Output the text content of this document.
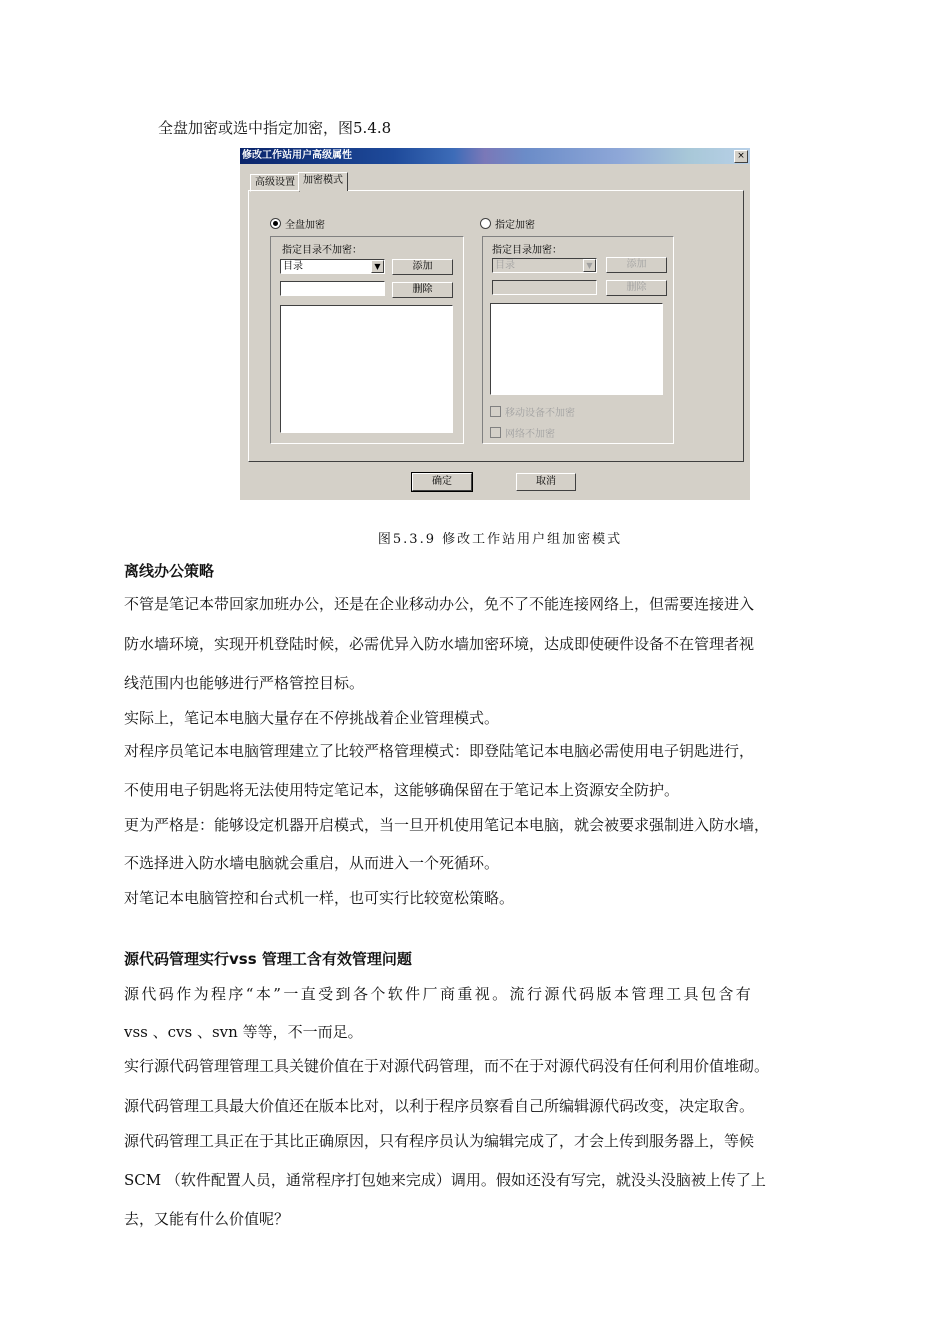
全盘加密或选中指定加密，图5.4.8
修改工作站用户高级属性	×
高级设置 加密模式
全盘加密
指定目录不加密：
目录	▼	添加
删除
指定加密
指定目录加密：
目录	▼	添加
删除
移动设备不加密
网络不加密
确定	取消
图5.3.9 修改工作站用户组加密模式
离线办公策略
不管是笔记本带回家加班办公，还是在企业移动办公，免不了不能连接网络上，但需要连接进入
防水墙环境，实现开机登陆时候，必需优异入防水墙加密环境，达成即使硬件设备不在管理者视
线范围内也能够进行严格管控目标。
实际上，笔记本电脑大量存在不停挑战着企业管理模式。
对程序员笔记本电脑管理建立了比较严格管理模式：即登陆笔记本电脑必需使用电子钥匙进行，
不使用电子钥匙将无法使用特定笔记本，这能够确保留在于笔记本上资源安全防护。
更为严格是：能够设定机器开启模式，当一旦开机使用笔记本电脑，就会被要求强制进入防水墙，
不选择进入防水墙电脑就会重启，从而进入一个死循环。
对笔记本电脑管控和台式机一样，也可实行比较宽松策略。
源代码管理实行vss 管理工含有效管理问题
源代码作为程序“本”一直受到各个软件厂商重视。流行源代码版本管理工具包含有
vss 、cvs 、svn 等等，不一而足。
实行源代码管理管理工具关键价值在于对源代码管理，而不在于对源代码没有任何利用价值堆砌。
源代码管理工具最大价值还在版本比对，以利于程序员察看自己所编辑源代码改变，决定取舍。
源代码管理工具正在于其比正确原因，只有程序员认为编辑完成了，才会上传到服务器上，等候
SCM （软件配置人员，通常程序打包她来完成）调用。假如还没有写完，就没头没脑被上传了上
去，又能有什么价值呢？
